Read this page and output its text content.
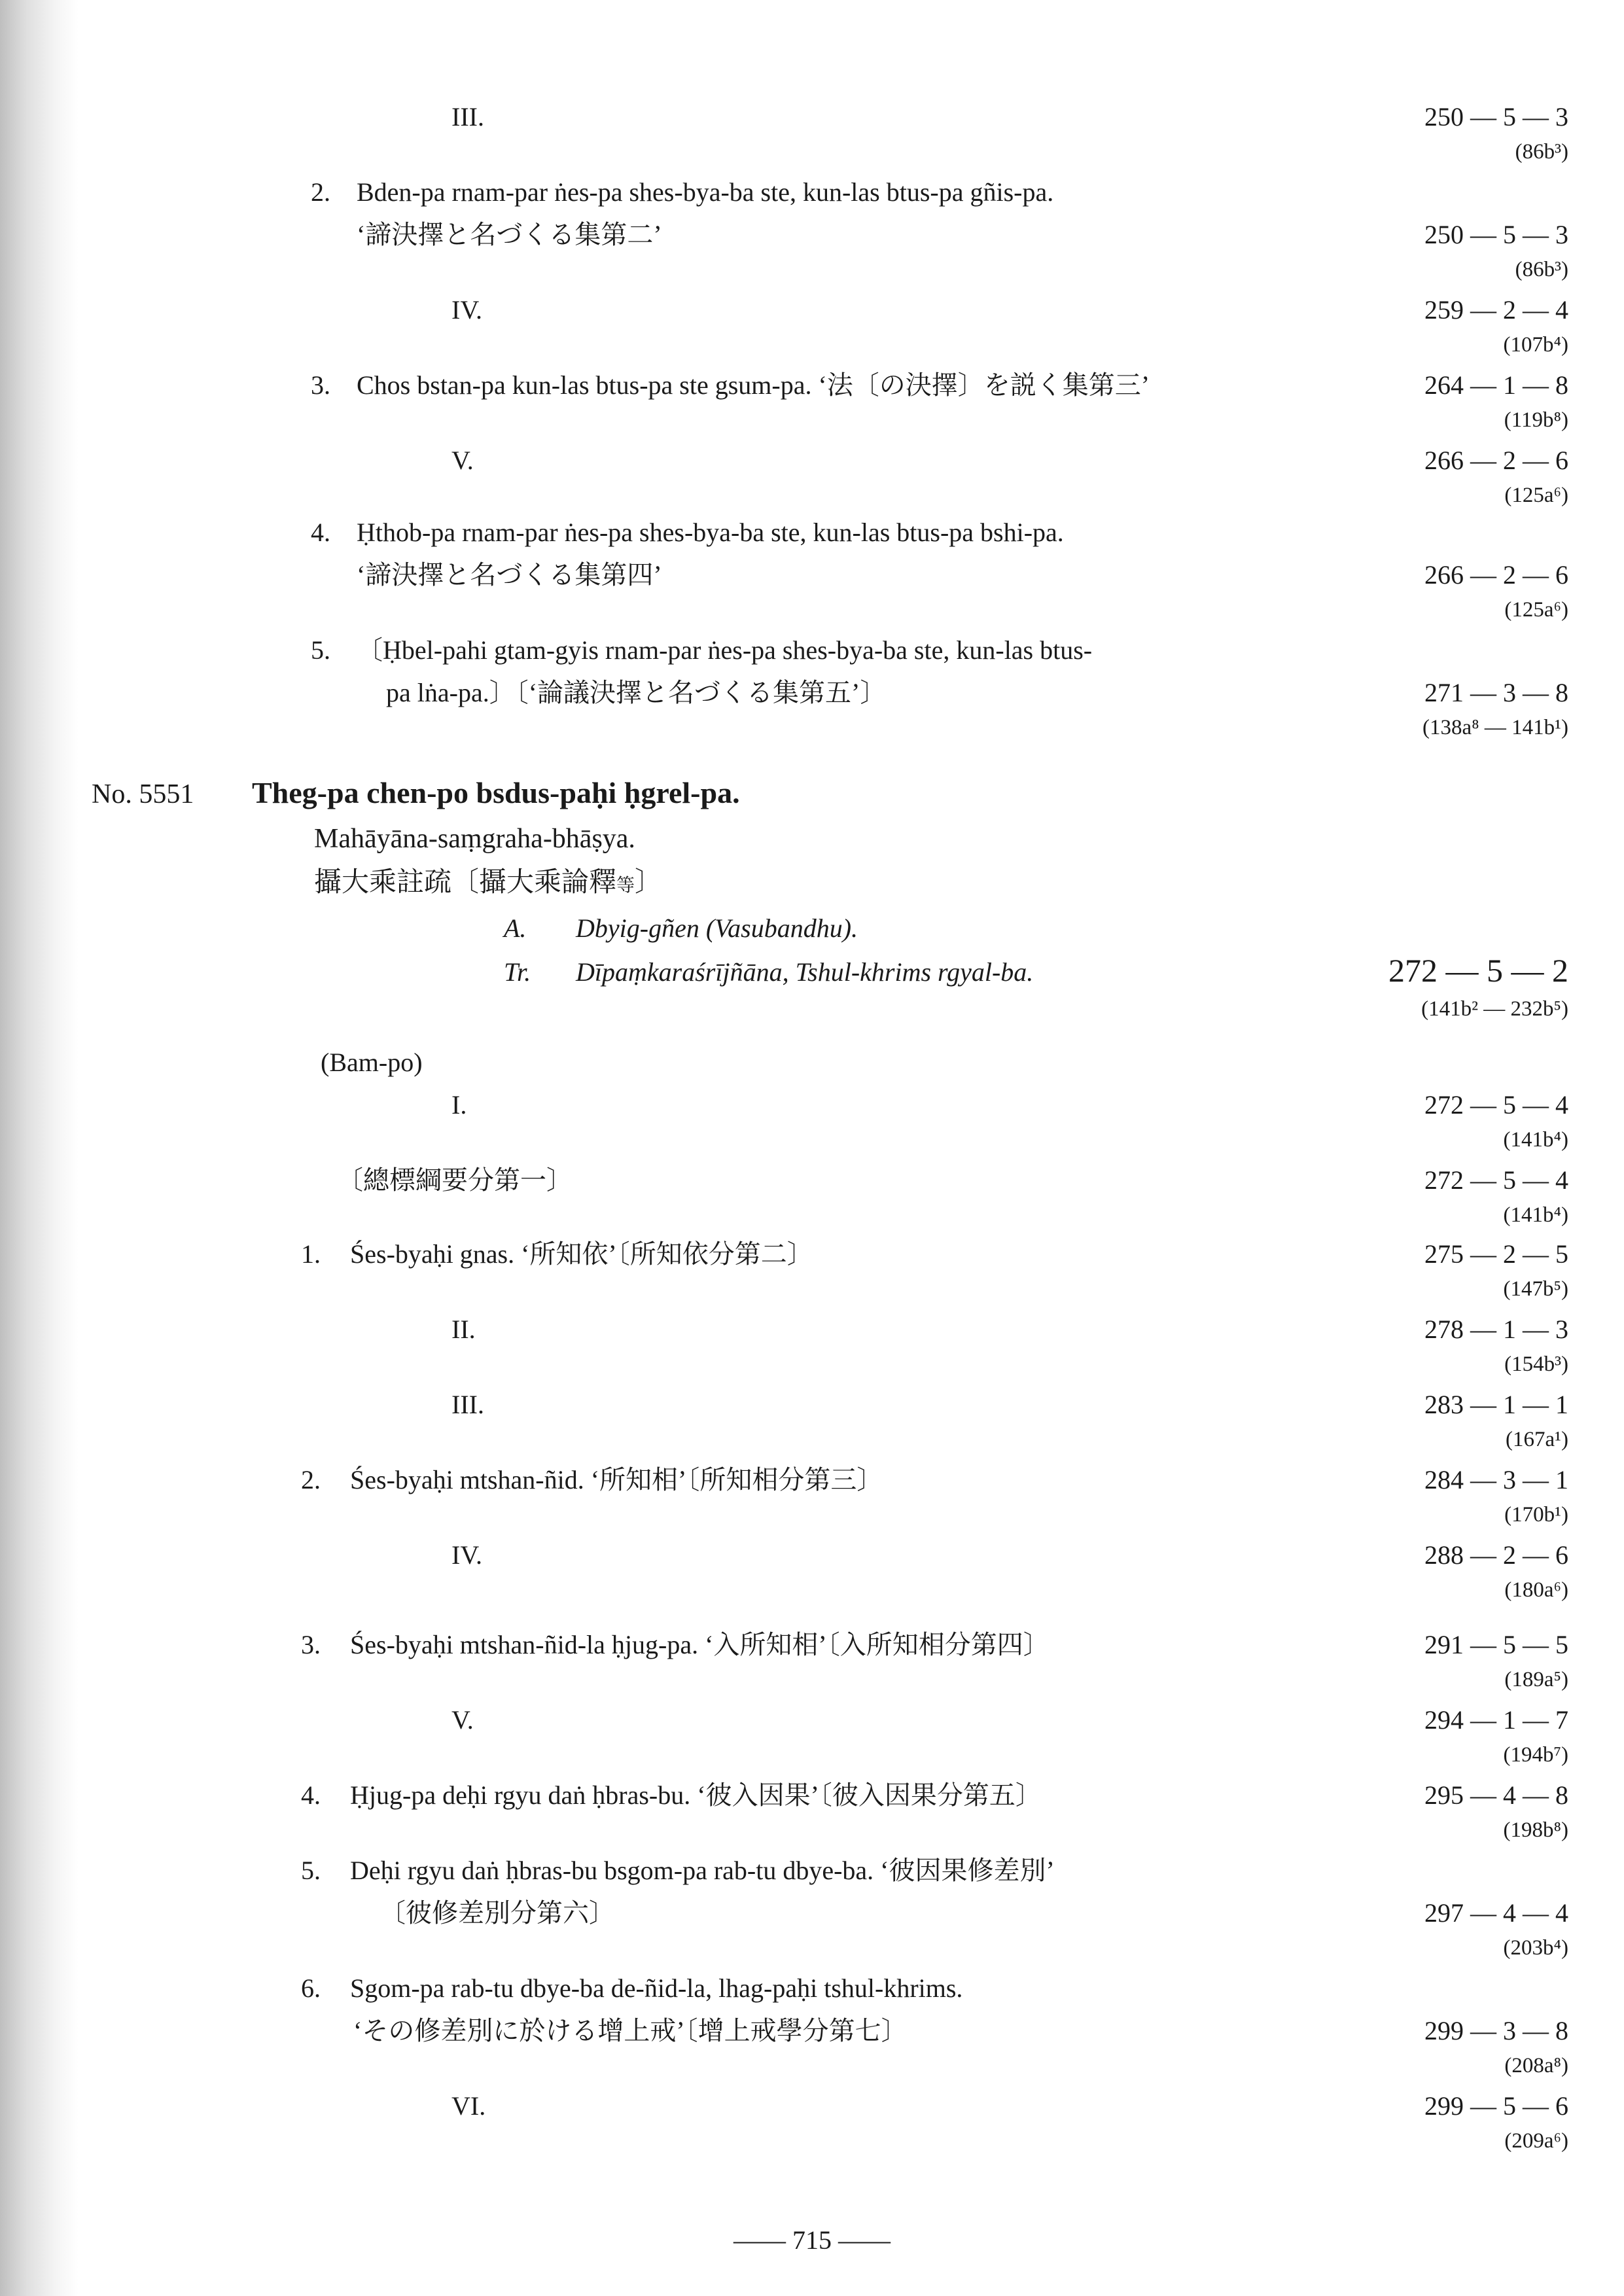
III.	250 — 5 — 3
(86b³)
2. Bden-pa rnam-par ṅes-pa shes-bya-ba ste, kun-las btus-pa gñis-pa.
‘諦決擇と名づくる集第二’	250 — 5 — 3
(86b³)
IV.	259 — 2 — 4
(107b⁴)
3. Chos bstan-pa kun-las btus-pa ste gsum-pa. ‘法〔の決擇〕を説く集第三’	264 — 1 — 8
(119b⁸)
V.	266 — 2 — 6
(125a⁶)
4. Ḥthob-pa rnam-par ṅes-pa shes-bya-ba ste, kun-las btus-pa bshi-pa.
‘諦決擇と名づくる集第四’	266 — 2 — 6
(125a⁶)
5. 〔Ḥbel-pahi gtam-gyis rnam-par ṅes-pa shes-bya-ba ste, kun-las btus-
pa lṅa-pa.〕〔‘論議決擇と名づくる集第五’〕	271 — 3 — 8
(138a⁸ — 141b¹)
No. 5551 Theg-pa chen-po bsdus-paḥi ḥgrel-pa.
Mahāyāna-saṃgraha-bhāṣya.
攝大乘註疏〔攝大乘論釋等〕
A. Dbyig-gñen (Vasubandhu).
Tr. Dīpaṃkaraśrījñāna, Tshul-khrims rgyal-ba.	272 — 5 — 2
(141b² — 232b⁵)
(Bam-po)
I.	272 — 5 — 4
(141b⁴)
〔總標綱要分第一〕	272 — 5 — 4
(141b⁴)
1. Śes-byaḥi gnas. ‘所知依’〔所知依分第二〕	275 — 2 — 5
(147b⁵)
II.	278 — 1 — 3
(154b³)
III.	283 — 1 — 1
(167a¹)
2. Śes-byaḥi mtshan-ñid. ‘所知相’〔所知相分第三〕	284 — 3 — 1
(170b¹)
IV.	288 — 2 — 6
(180a⁶)
3. Śes-byaḥi mtshan-ñid-la ḥjug-pa. ‘入所知相’〔入所知相分第四〕	291 — 5 — 5
(189a⁵)
V.	294 — 1 — 7
(194b⁷)
4. Ḥjug-pa deḥi rgyu daṅ ḥbras-bu. ‘彼入因果’〔彼入因果分第五〕	295 — 4 — 8
(198b⁸)
5. Deḥi rgyu daṅ ḥbras-bu bsgom-pa rab-tu dbye-ba. ‘彼因果修差別’
〔彼修差別分第六〕	297 — 4 — 4
(203b⁴)
6. Sgom-pa rab-tu dbye-ba de-ñid-la, lhag-paḥi tshul-khrims.
‘その修差別に於ける增上戒’〔增上戒學分第七〕	299 — 3 — 8
(208a⁸)
VI.	299 — 5 — 6
(209a⁶)
—— 715 ——
